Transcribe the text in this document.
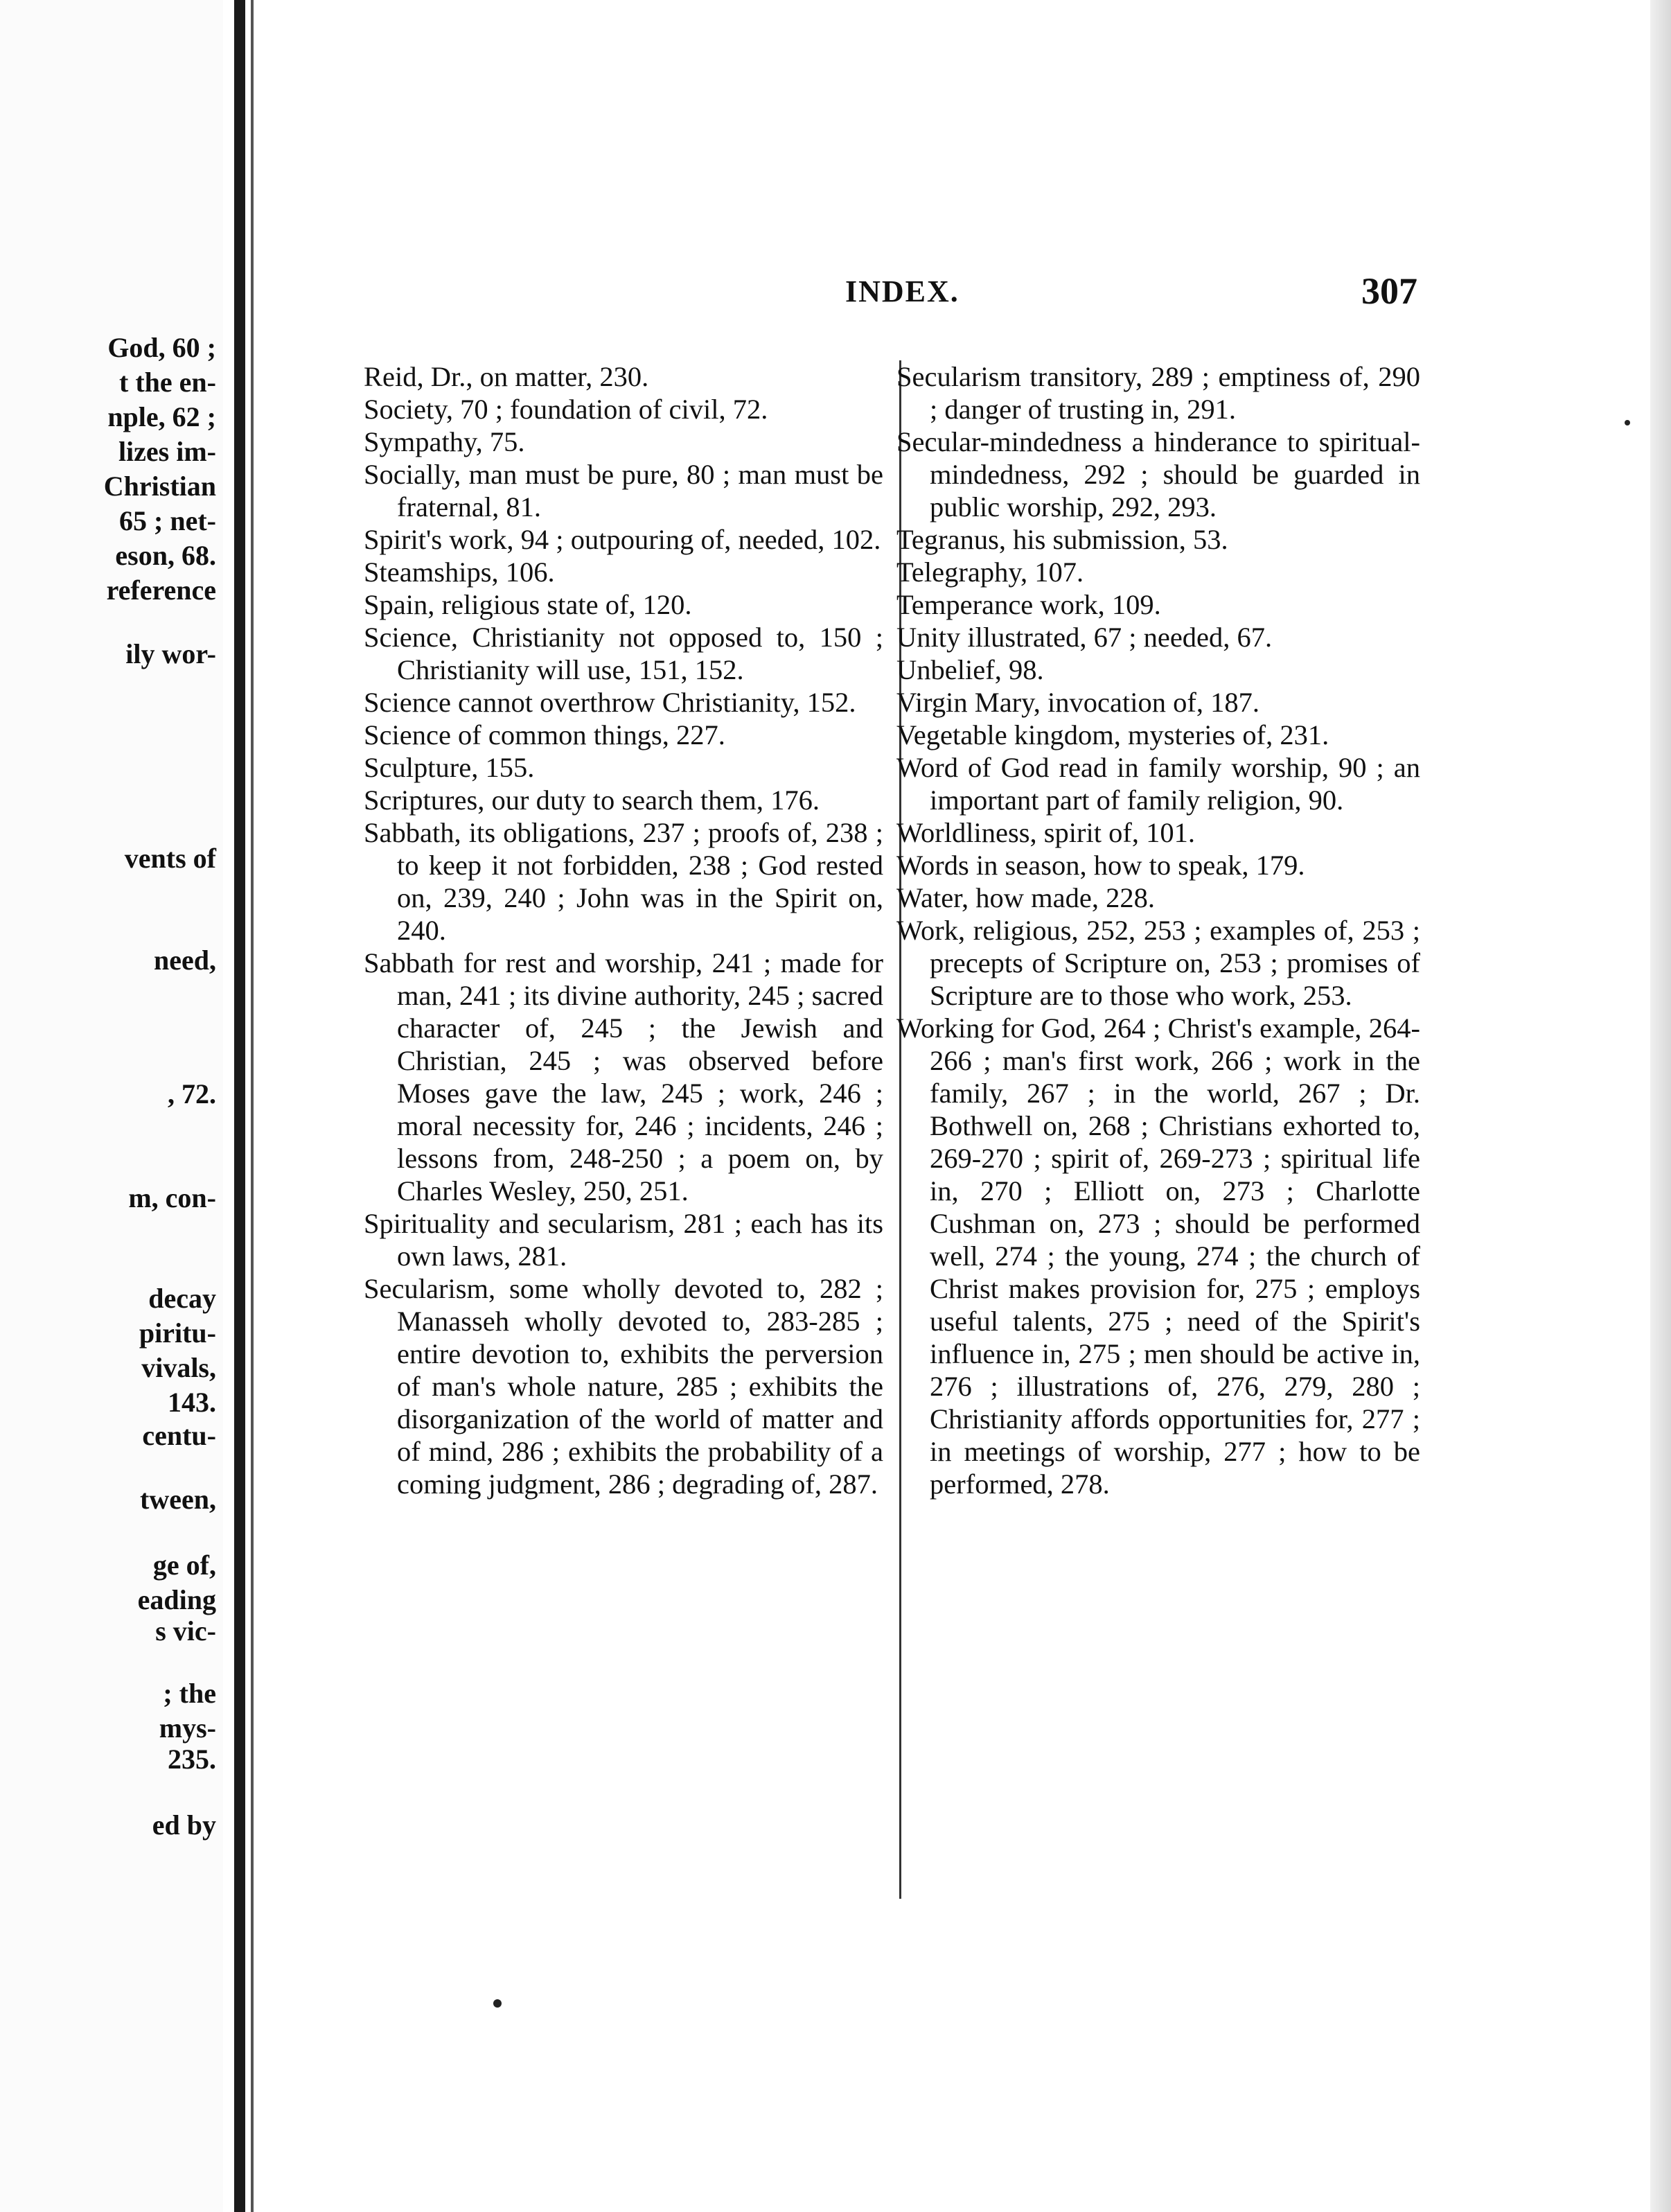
God, 60 ;
t the en-
nple, 62 ;
lizes im-
Christian
65 ; net-
eson, 68.
reference
ily wor-
vents of
need,
, 72.
m, con-
decay
piritu-
vivals,
143.
centu-
tween,
ge of,
eading
s vic-
; the
mys-
235.
ed by
INDEX.	307
Reid, Dr., on matter, 230.
Society, 70 ; foundation of civil, 72.
Sympathy, 75.
Socially, man must be pure, 80 ; man must be fraternal, 81.
Spirit's work, 94 ; outpouring of, needed, 102.
Steamships, 106.
Spain, religious state of, 120.
Science, Christianity not opposed to, 150 ; Christianity will use, 151, 152.
Science cannot overthrow Christianity, 152.
Science of common things, 227.
Sculpture, 155.
Scriptures, our duty to search them, 176.
Sabbath, its obligations, 237 ; proofs of, 238 ; to keep it not forbidden, 238 ; God rested on, 239, 240 ; John was in the Spirit on, 240.
Sabbath for rest and worship, 241 ; made for man, 241 ; its divine authority, 245 ; sacred character of, 245 ; the Jewish and Christian, 245 ; was observed before Moses gave the law, 245 ; work, 246 ; moral necessity for, 246 ; incidents, 246 ; lessons from, 248-250 ; a poem on, by Charles Wesley, 250, 251.
Spirituality and secularism, 281 ; each has its own laws, 281.
Secularism, some wholly devoted to, 282 ; Manasseh wholly devoted to, 283-285 ; entire devotion to, exhibits the perversion of man's whole nature, 285 ; exhibits the disorganization of the world of matter and of mind, 286 ; exhibits the probability of a coming judgment, 286 ; degrading of, 287.
Secularism transitory, 289 ; emptiness of, 290 ; danger of trusting in, 291.
Secular-mindedness a hinderance to spiritual-mindedness, 292 ; should be guarded in public worship, 292, 293.
Tegranus, his submission, 53.
Telegraphy, 107.
Temperance work, 109.
Unity illustrated, 67 ; needed, 67.
Unbelief, 98.
Virgin Mary, invocation of, 187.
Vegetable kingdom, mysteries of, 231.
Word of God read in family worship, 90 ; an important part of family religion, 90.
Worldliness, spirit of, 101.
Words in season, how to speak, 179.
Water, how made, 228.
Work, religious, 252, 253 ; examples of, 253 ; precepts of Scripture on, 253 ; promises of Scripture are to those who work, 253.
Working for God, 264 ; Christ's example, 264-266 ; man's first work, 266 ; work in the family, 267 ; in the world, 267 ; Dr. Bothwell on, 268 ; Christians exhorted to, 269-270 ; spirit of, 269-273 ; spiritual life in, 270 ; Elliott on, 273 ; Charlotte Cushman on, 273 ; should be performed well, 274 ; the young, 274 ; the church of Christ makes provision for, 275 ; employs useful talents, 275 ; need of the Spirit's influence in, 275 ; men should be active in, 276 ; illustrations of, 276, 279, 280 ; Christianity affords opportunities for, 277 ; in meetings of worship, 277 ; how to be performed, 278.
